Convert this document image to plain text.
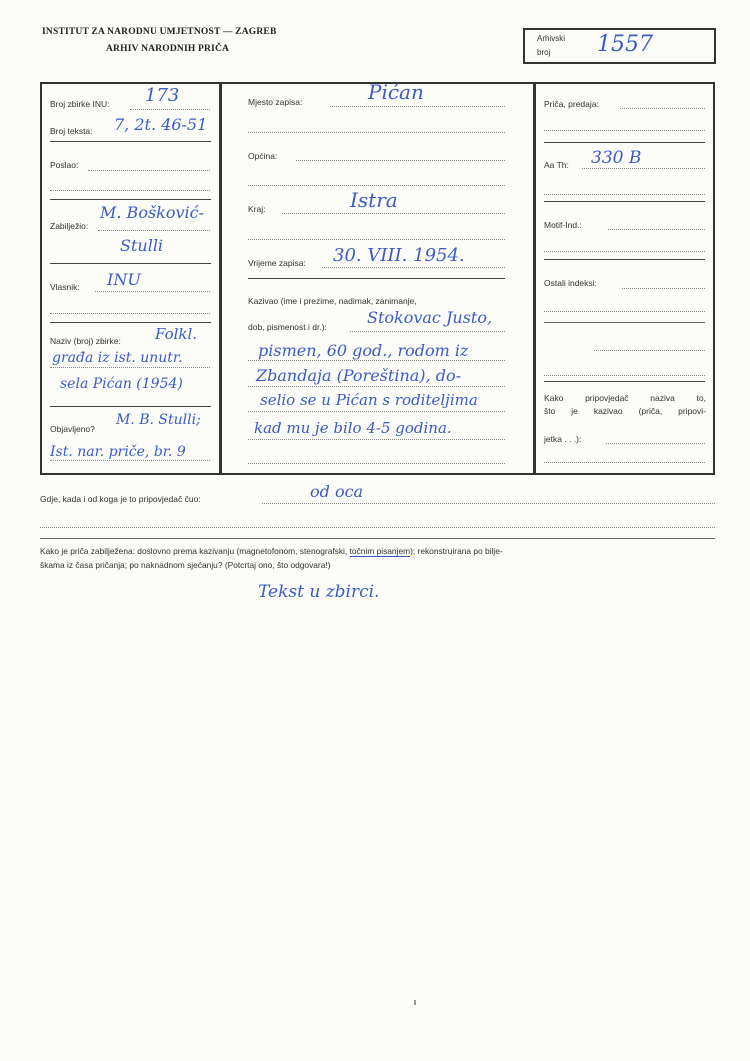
INSTITUT ZA NARODNU UMJETNOST — ZAGREB
ARHIV NARODNIH PRIČA
Arhivski
broj 1557
Broj zbirke INU: 173
Broj teksta: 7, 2t. 46-51
Poslao:
Zabilježio:
M. Bošković-
Stulli
Vlasnik: INU
Naziv (broj) zbirke: Folkl.
građa iz ist. unutr.
sela Pićan (1954)
Objavljeno?
M. B. Stulli;
Ist. nar. priče, br. 9
Mjesto zapisa:	Pićan
Općina:
Kraj:	Istra
Vrijeme zapisa: 30. VIII. 1954.
Kazivao (ime i prezime, nadimak, zanimanje,
dob, pismenost i dr.):	Stokovac Justo,
pismen, 60 god., rodom iz
Zbandaja (Poreština), do-
selio se u Pićan s roditeljima
kad mu je bilo 4-5 godina.
Priča, predaja:
Aa Th: 330 B
Motif-Ind.:
Ostali indeksi:
Kako pripovjedač naziva to,
što je kazivao (priča, pripovi-
jetka . . .):
Gdje, kada i od koga je to pripovjedač čuo:	od oca
Kako je priča zabilježena: doslovno prema kazivanju (magnetofonom, stenografski, točnim pisanjem); rekonstruirana po bilje-
škama iz časa pričanja; po naknadnom sjećanju? (Potcrtaj ono, što odgovara!)
Tekst u zbirci.
